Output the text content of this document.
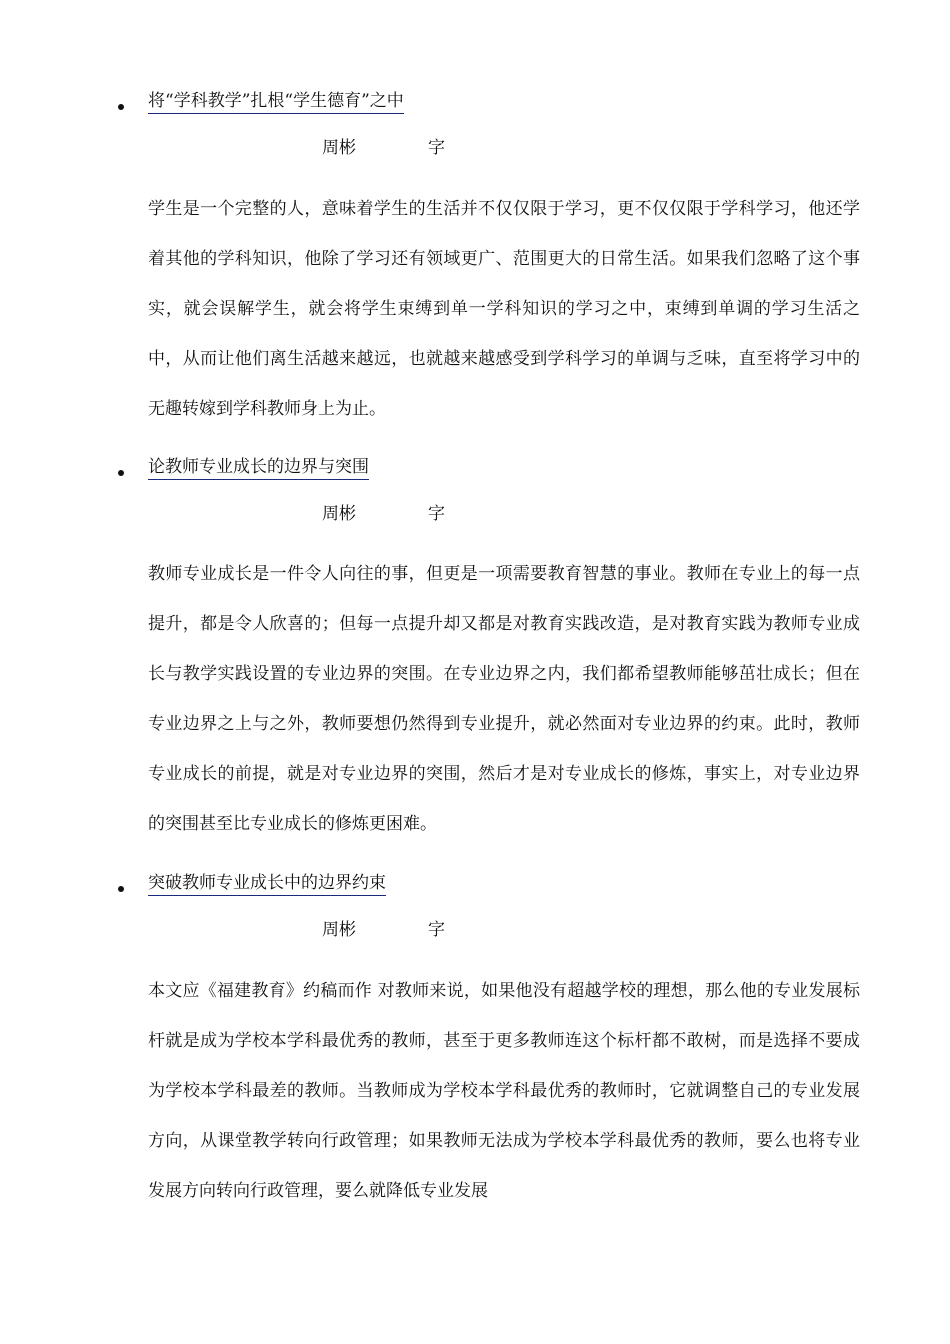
将“学科教学”扎根“学生德育”之中
周彬	字

学生是一个完整的人，意味着学生的生活并不仅仅限于学习，更不仅仅限于学科学习，他还学着其他的学科知识，他除了学习还有领域更广、范围更大的日常生活。如果我们忽略了这个事实，就会误解学生，就会将学生束缚到单一学科知识的学习之中，束缚到单调的学习生活之中，从而让他们离生活越来越远，也就越来越感受到学科学习的单调与乏味，直至将学习中的无趣转嫁到学科教师身上为止。

论教师专业成长的边界与突围
周彬	字

教师专业成长是一件令人向往的事，但更是一项需要教育智慧的事业。教师在专业上的每一点提升，都是令人欣喜的；但每一点提升却又都是对教育实践改造，是对教育实践为教师专业成长与教学实践设置的专业边界的突围。在专业边界之内，我们都希望教师能够茁壮成长；但在专业边界之上与之外，教师要想仍然得到专业提升，就必然面对专业边界的约束。此时，教师专业成长的前提，就是对专业边界的突围，然后才是对专业成长的修炼，事实上，对专业边界的突围甚至比专业成长的修炼更困难。

突破教师专业成长中的边界约束
周彬	字

本文应《福建教育》约稿而作 对教师来说，如果他没有超越学校的理想，那么他的专业发展标杆就是成为学校本学科最优秀的教师，甚至于更多教师连这个标杆都不敢树，而是选择不要成为学校本学科最差的教师。当教师成为学校本学科最优秀的教师时，它就调整自己的专业发展方向，从课堂教学转向行政管理；如果教师无法成为学校本学科最优秀的教师，要么也将专业发展方向转向行政管理，要么就降低专业发展
